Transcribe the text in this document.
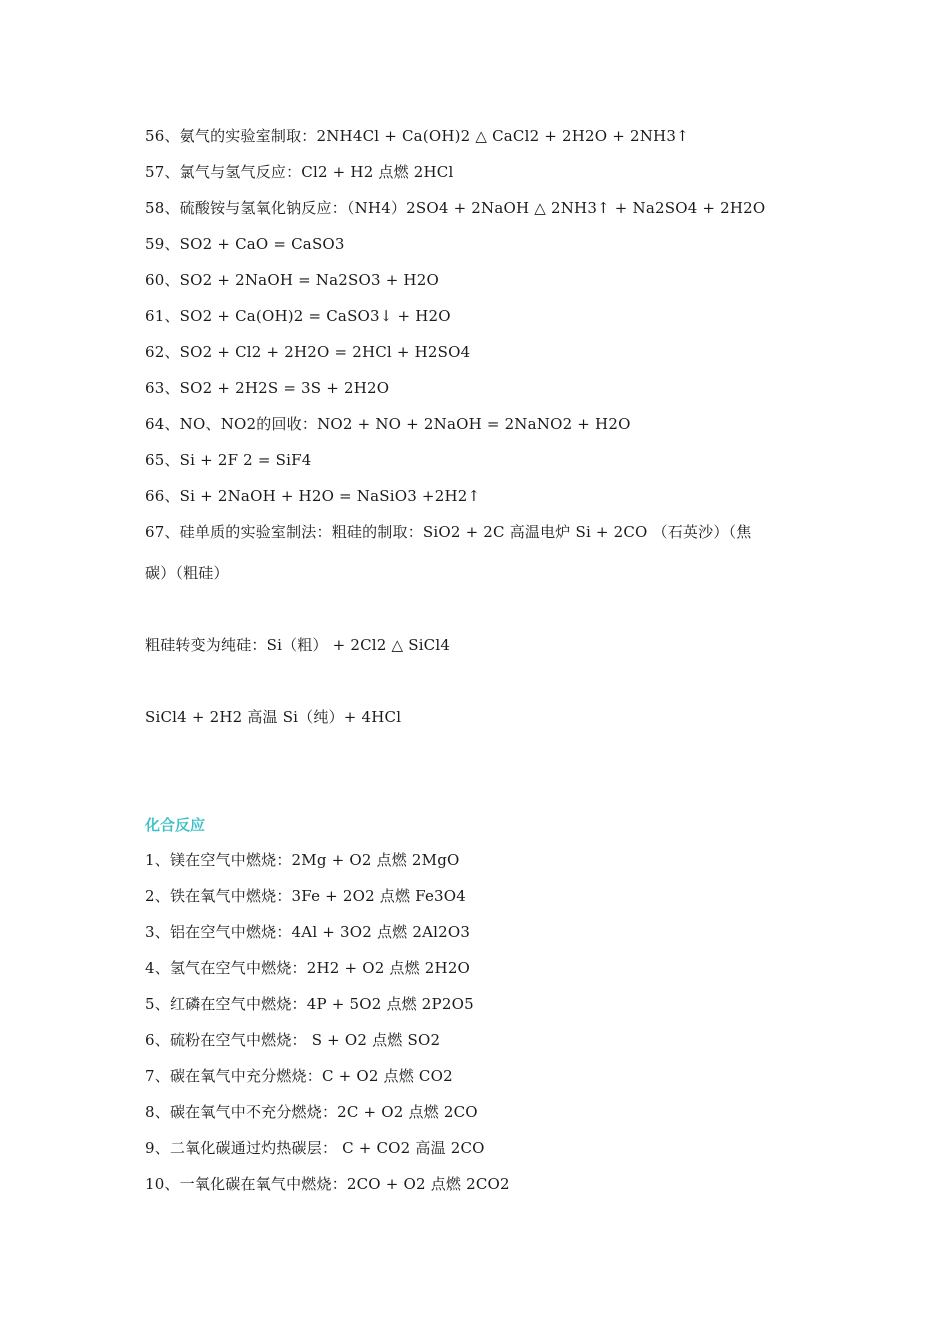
56、氨气的实验室制取：2NH4Cl + Ca(OH)2 △ CaCl2 + 2H2O + 2NH3↑
57、氯气与氢气反应：Cl2 + H2 点燃 2HCl
58、硫酸铵与氢氧化钠反应：（NH4）2SO4 + 2NaOH △ 2NH3↑ + Na2SO4 + 2H2O
59、SO2 + CaO = CaSO3
60、SO2 + 2NaOH = Na2SO3 + H2O
61、SO2 + Ca(OH)2 = CaSO3↓ + H2O
62、SO2 + Cl2 + 2H2O = 2HCl + H2SO4
63、SO2 + 2H2S = 3S + 2H2O
64、NO、NO2的回收：NO2 + NO + 2NaOH = 2NaNO2 + H2O
65、Si + 2F 2 = SiF4
66、Si + 2NaOH + H2O = NaSiO3 +2H2↑
67、硅单质的实验室制法：粗硅的制取：SiO2 + 2C 高温电炉 Si + 2CO （石英沙）（焦
碳）（粗硅）
粗硅转变为纯硅：Si（粗） + 2Cl2 △ SiCl4
SiCl4 + 2H2 高温 Si（纯）+ 4HCl
化合反应
1、镁在空气中燃烧：2Mg + O2 点燃 2MgO
2、铁在氧气中燃烧：3Fe + 2O2 点燃 Fe3O4
3、铝在空气中燃烧：4Al + 3O2 点燃 2Al2O3
4、氢气在空气中燃烧：2H2 + O2 点燃 2H2O
5、红磷在空气中燃烧：4P + 5O2 点燃 2P2O5
6、硫粉在空气中燃烧： S + O2 点燃 SO2
7、碳在氧气中充分燃烧：C + O2 点燃 CO2
8、碳在氧气中不充分燃烧：2C + O2 点燃 2CO
9、二氧化碳通过灼热碳层： C + CO2 高温 2CO
10、一氧化碳在氧气中燃烧：2CO + O2 点燃 2CO2
